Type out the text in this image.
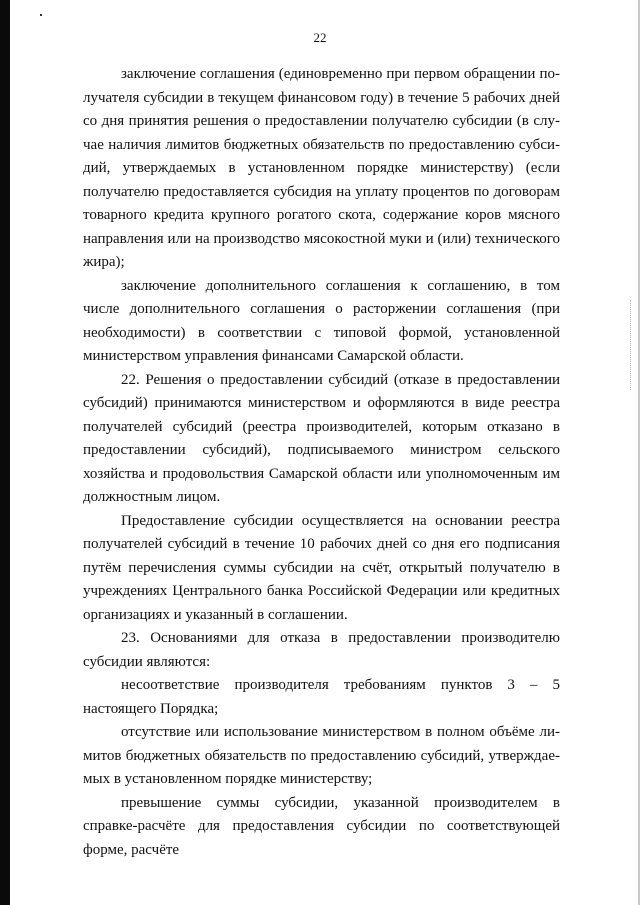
22

заключение соглашения (единовременно при первом обращении получателя субсидии в текущем финансовом году) в течение 5 рабочих дней со дня принятия решения о предоставлении получателю субсидии (в случае наличия лимитов бюджетных обязательств по предоставлению субсидий, утверждаемых в установленном порядке министерству) (если получателю предоставляется субсидия на уплату процентов по договорам товарного кредита крупного рогатого скота, содержание коров мясного направления или на производство мясокостной муки и (или) технического жира);

заключение дополнительного соглашения к соглашению, в том числе дополнительного соглашения о расторжении соглашения (при необходимости) в соответствии с типовой формой, установленной министерством управления финансами Самарской области.

22. Решения о предоставлении субсидий (отказе в предоставлении субсидий) принимаются министерством и оформляются в виде реестра получателей субсидий (реестра производителей, которым отказано в предоставлении субсидий), подписываемого министром сельского хозяйства и продовольствия Самарской области или уполномоченным им должностным лицом.

Предоставление субсидии осуществляется на основании реестра получателей субсидий в течение 10 рабочих дней со дня его подписания путём перечисления суммы субсидии на счёт, открытый получателю в учреждениях Центрального банка Российской Федерации или кредитных организациях и указанный в соглашении.

23. Основаниями для отказа в предоставлении производителю субсидии являются:

несоответствие производителя требованиям пунктов 3 – 5 настоящего Порядка;

отсутствие или использование министерством в полном объёме лимитов бюджетных обязательств по предоставлению субсидий, утверждаемых в установленном порядке министерству;

превышение суммы субсидии, указанной производителем в справке-расчёте для предоставления субсидии по соответствующей форме, расчёте
